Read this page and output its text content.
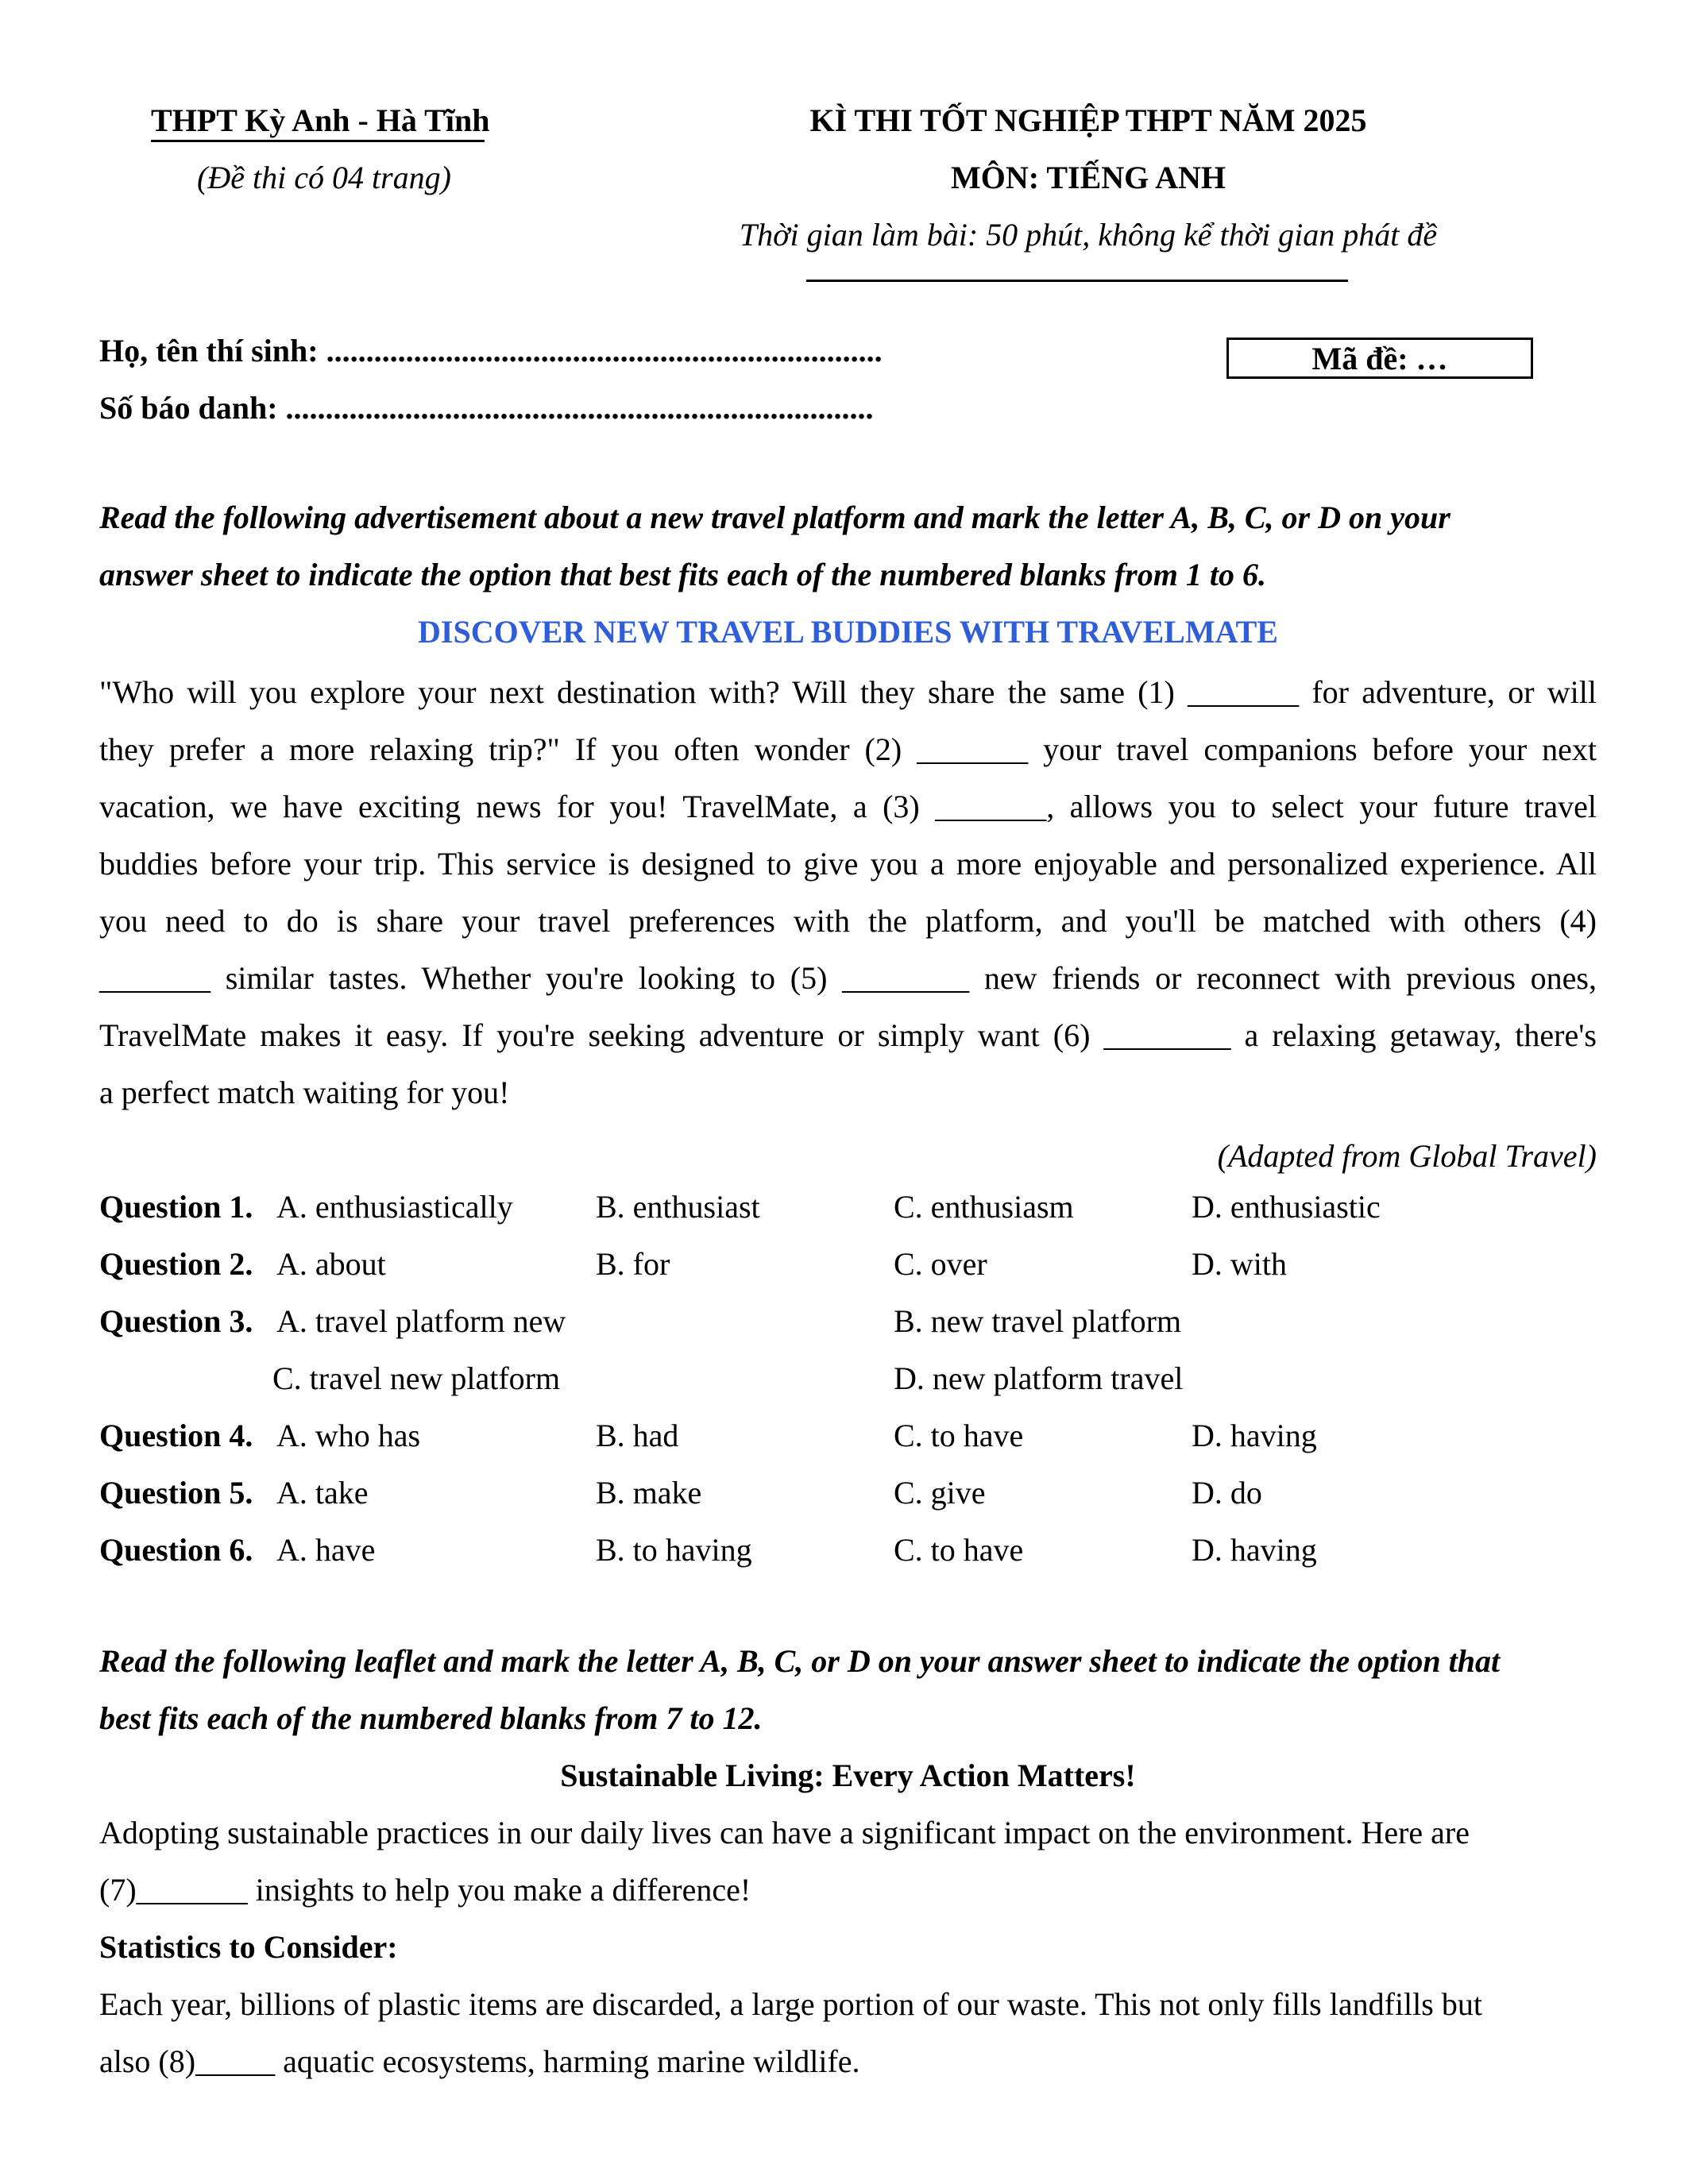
THPT Kỳ Anh - Hà Tĩnh
(Đề thi có 04 trang)
KÌ THI TỐT NGHIỆP THPT NĂM 2025
MÔN: TIẾNG ANH
Thời gian làm bài: 50 phút, không kể thời gian phát đề
Họ, tên thí sinh: ......................................................................
Số báo danh: ..........................................................................
Mã đề: …
Read the following advertisement about a new travel platform and mark the letter A, B, C, or D on your
answer sheet to indicate the option that best fits each of the numbered blanks from 1 to 6.
DISCOVER NEW TRAVEL BUDDIES WITH TRAVELMATE
"Who will you explore your next destination with? Will they share the same (1) _______ for adventure, or will
they prefer a more relaxing trip?" If you often wonder (2) _______ your travel companions before your next
vacation, we have exciting news for you! TravelMate, a (3) _______, allows you to select your future travel
buddies before your trip. This service is designed to give you a more enjoyable and personalized experience. All
you need to do is share your travel preferences with the platform, and you'll be matched with others (4)
_______ similar tastes. Whether you're looking to (5) ________ new friends or reconnect with previous ones,
TravelMate makes it easy. If you're seeking adventure or simply want (6) ________ a relaxing getaway, there's
a perfect match waiting for you!
(Adapted from Global Travel)
Question 1. A. enthusiastically	B. enthusiast	C. enthusiasm	D. enthusiastic
Question 2. A. about	B. for	C. over	D. with
Question 3. A. travel platform new	B. new travel platform
C. travel new platform	D. new platform travel
Question 4. A. who has	B. had	C. to have	D. having
Question 5. A. take	B. make	C. give	D. do
Question 6. A. have	B. to having	C. to have	D. having
Read the following leaflet and mark the letter A, B, C, or D on your answer sheet to indicate the option that
best fits each of the numbered blanks from 7 to 12.
Sustainable Living: Every Action Matters!
Adopting sustainable practices in our daily lives can have a significant impact on the environment. Here are
(7)_______ insights to help you make a difference!
Statistics to Consider:
Each year, billions of plastic items are discarded, a large portion of our waste. This not only fills landfills but
also (8)_____ aquatic ecosystems, harming marine wildlife.
